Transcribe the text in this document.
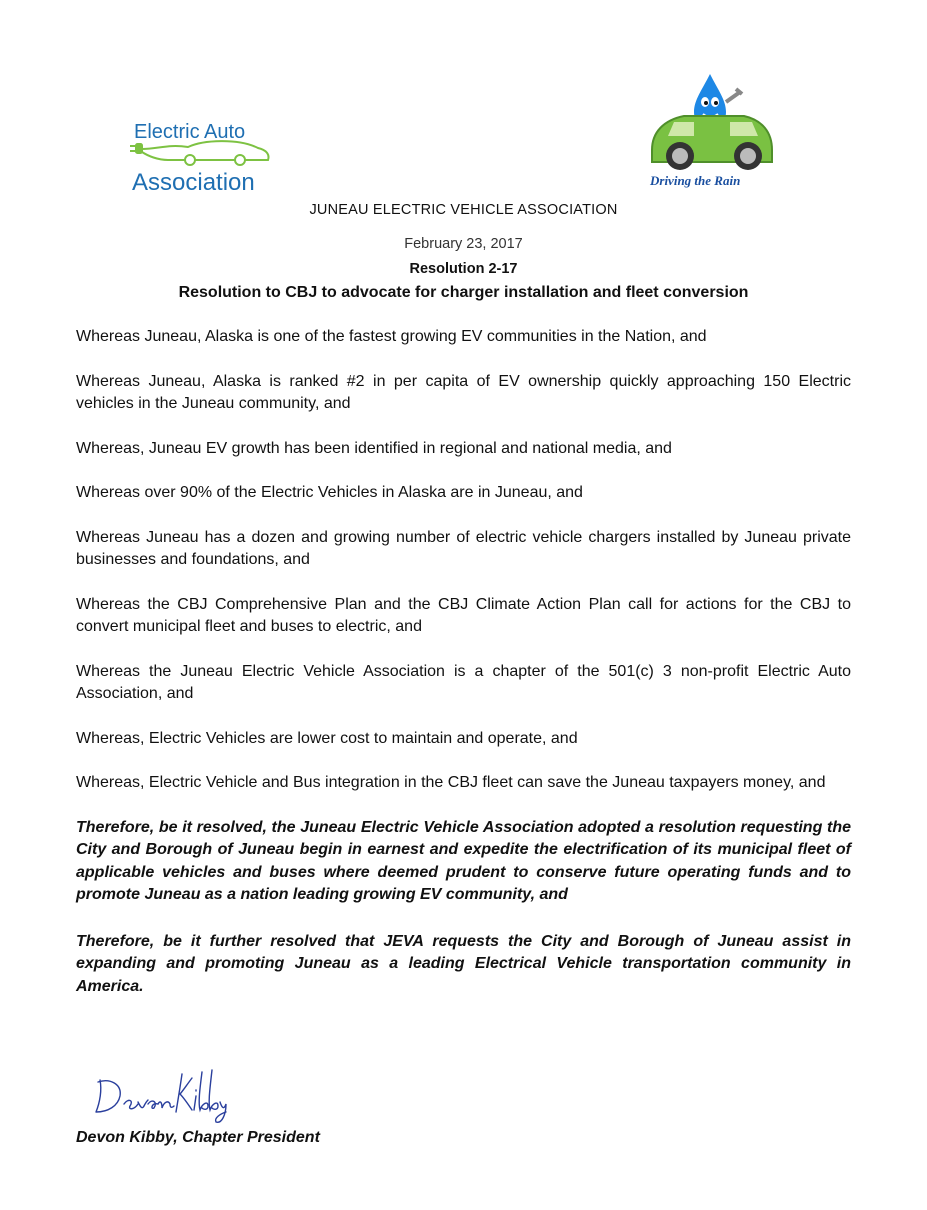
Electric Auto
Association	Driving the Rain
JUNEAU ELECTRIC VEHICLE ASSOCIATION
February 23, 2017
Resolution 2-17
Resolution to CBJ to advocate for charger installation and fleet conversion

Whereas Juneau, Alaska is one of the fastest growing EV communities in the Nation, and

Whereas Juneau, Alaska is ranked #2 in per capita of EV ownership quickly approaching 150 Electric vehicles in the Juneau community, and

Whereas, Juneau EV growth has been identified in regional and national media, and

Whereas over 90% of the Electric Vehicles in Alaska are in Juneau, and

Whereas Juneau has a dozen and growing number of electric vehicle chargers installed by Juneau private businesses and foundations, and

Whereas the CBJ Comprehensive Plan and the CBJ Climate Action Plan call for actions for the CBJ to convert municipal fleet and buses to electric, and

Whereas the Juneau Electric Vehicle Association is a chapter of the 501(c) 3 non-profit Electric Auto Association, and

Whereas, Electric Vehicles are lower cost to maintain and operate, and

Whereas, Electric Vehicle and Bus integration in the CBJ fleet can save the Juneau taxpayers money, and

Therefore, be it resolved, the Juneau Electric Vehicle Association adopted a resolution requesting the City and Borough of Juneau begin in earnest and expedite the electrification of its municipal fleet of applicable vehicles and buses where deemed prudent to conserve future operating funds and to promote Juneau as a nation leading growing EV community, and

Therefore, be it further resolved that JEVA requests the City and Borough of Juneau assist in expanding and promoting Juneau as a leading Electrical Vehicle transportation community in America.

Devon Kibby, Chapter President
